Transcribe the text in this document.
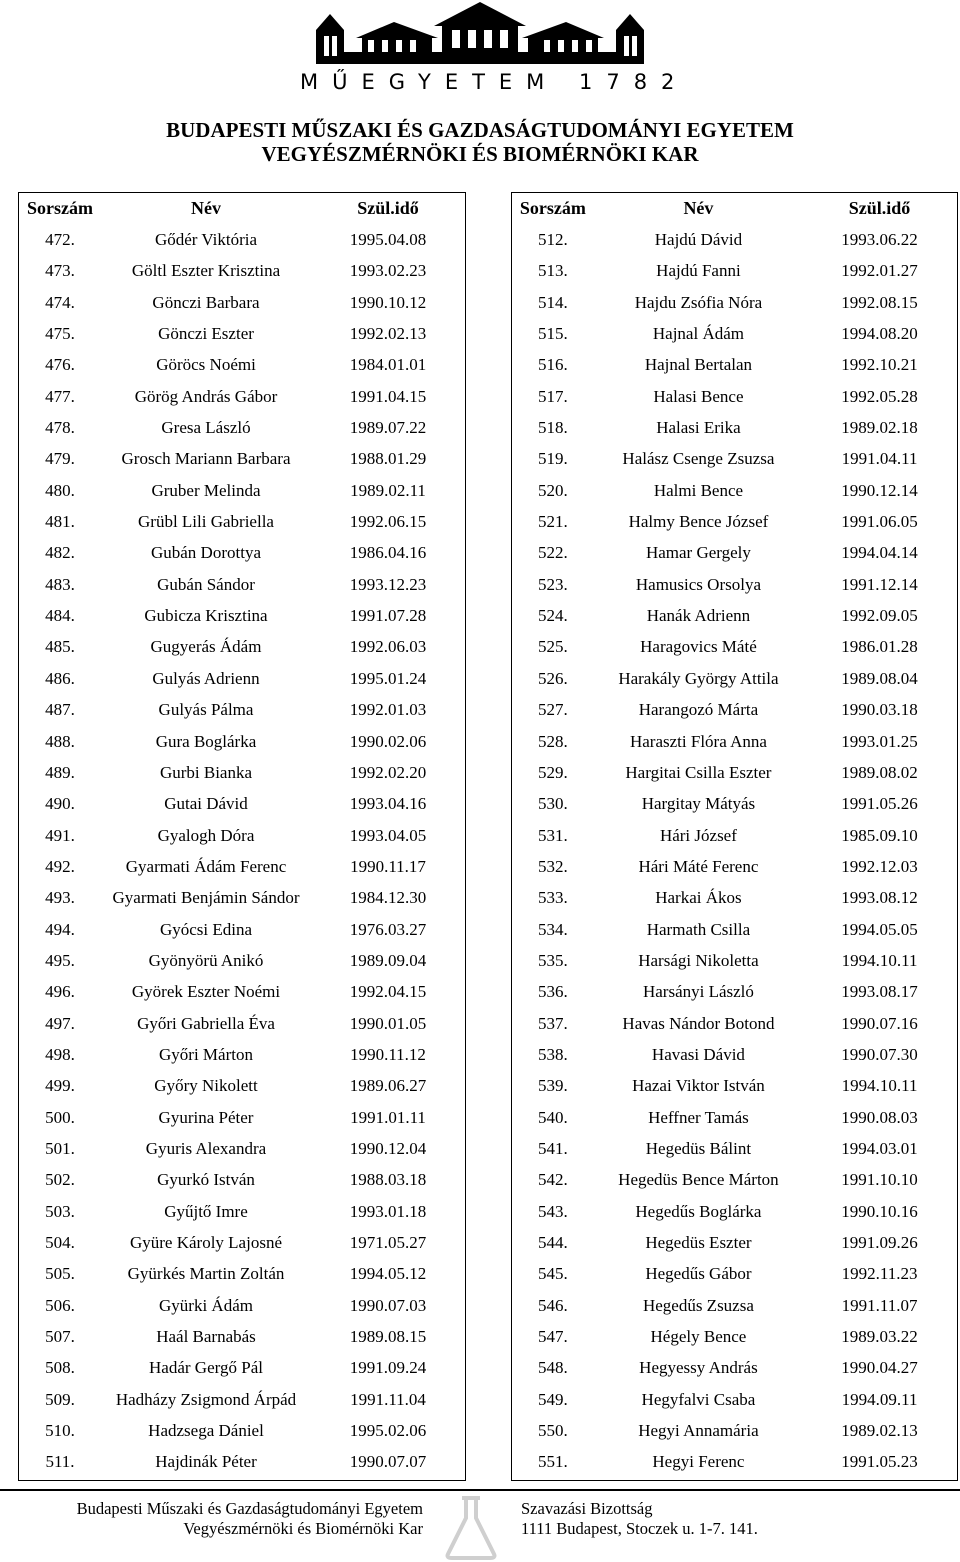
MŰEGYETEM 1782
BUDAPESTI MŰSZAKI ÉS GAZDASÁGTUDOMÁNYI EGYETEM
VEGYÉSZMÉRNÖKI ÉS BIOMÉRNÖKI KAR
Sorszám	Név	Szül.idő
472.	Gődér Viktória	1995.04.08
473.	Göltl Eszter Krisztina	1993.02.23
474.	Gönczi Barbara	1990.10.12
475.	Gönczi Eszter	1992.02.13
476.	Göröcs Noémi	1984.01.01
477.	Görög András Gábor	1991.04.15
478.	Gresa László	1989.07.22
479.	Grosch Mariann Barbara	1988.01.29
480.	Gruber Melinda	1989.02.11
481.	Grübl Lili Gabriella	1992.06.15
482.	Gubán Dorottya	1986.04.16
483.	Gubán Sándor	1993.12.23
484.	Gubicza Krisztina	1991.07.28
485.	Gugyerás Ádám	1992.06.03
486.	Gulyás Adrienn	1995.01.24
487.	Gulyás Pálma	1992.01.03
488.	Gura Boglárka	1990.02.06
489.	Gurbi Bianka	1992.02.20
490.	Gutai Dávid	1993.04.16
491.	Gyalogh Dóra	1993.04.05
492.	Gyarmati Ádám Ferenc	1990.11.17
493.	Gyarmati Benjámin Sándor	1984.12.30
494.	Gyócsi Edina	1976.03.27
495.	Gyönyörü Anikó	1989.09.04
496.	Györek Eszter Noémi	1992.04.15
497.	Győri Gabriella Éva	1990.01.05
498.	Győri Márton	1990.11.12
499.	Győry Nikolett	1989.06.27
500.	Gyurina Péter	1991.01.11
501.	Gyuris Alexandra	1990.12.04
502.	Gyurkó István	1988.03.18
503.	Gyűjtő Imre	1993.01.18
504.	Gyüre Károly Lajosné	1971.05.27
505.	Gyürkés Martin Zoltán	1994.05.12
506.	Gyürki Ádám	1990.07.03
507.	Haál Barnabás	1989.08.15
508.	Hadár Gergő Pál	1991.09.24
509.	Hadházy Zsigmond Árpád	1991.11.04
510.	Hadzsega Dániel	1995.02.06
511.	Hajdinák Péter	1990.07.07
Sorszám	Név	Szül.idő
512.	Hajdú Dávid	1993.06.22
513.	Hajdú Fanni	1992.01.27
514.	Hajdu Zsófia Nóra	1992.08.15
515.	Hajnal Ádám	1994.08.20
516.	Hajnal Bertalan	1992.10.21
517.	Halasi Bence	1992.05.28
518.	Halasi Erika	1989.02.18
519.	Halász Csenge Zsuzsa	1991.04.11
520.	Halmi Bence	1990.12.14
521.	Halmy Bence József	1991.06.05
522.	Hamar Gergely	1994.04.14
523.	Hamusics Orsolya	1991.12.14
524.	Hanák Adrienn	1992.09.05
525.	Haragovics Máté	1986.01.28
526.	Harakály György Attila	1989.08.04
527.	Harangozó Márta	1990.03.18
528.	Haraszti Flóra Anna	1993.01.25
529.	Hargitai Csilla Eszter	1989.08.02
530.	Hargitay Mátyás	1991.05.26
531.	Hári József	1985.09.10
532.	Hári Máté Ferenc	1992.12.03
533.	Harkai Ákos	1993.08.12
534.	Harmath Csilla	1994.05.05
535.	Harsági Nikoletta	1994.10.11
536.	Harsányi László	1993.08.17
537.	Havas Nándor Botond	1990.07.16
538.	Havasi Dávid	1990.07.30
539.	Hazai Viktor István	1994.10.11
540.	Heffner Tamás	1990.08.03
541.	Hegedüs Bálint	1994.03.01
542.	Hegedüs Bence Márton	1991.10.10
543.	Hegedűs Boglárka	1990.10.16
544.	Hegedüs Eszter	1991.09.26
545.	Hegedűs Gábor	1992.11.23
546.	Hegedűs Zsuzsa	1991.11.07
547.	Hégely Bence	1989.03.22
548.	Hegyessy András	1990.04.27
549.	Hegyfalvi Csaba	1994.09.11
550.	Hegyi Annamária	1989.02.13
551.	Hegyi Ferenc	1991.05.23
Budapesti Műszaki és Gazdaságtudományi Egyetem
Vegyészmérnöki és Biomérnöki Kar
Szavazási Bizottság
1111 Budapest, Stoczek u. 1-7. 141.
